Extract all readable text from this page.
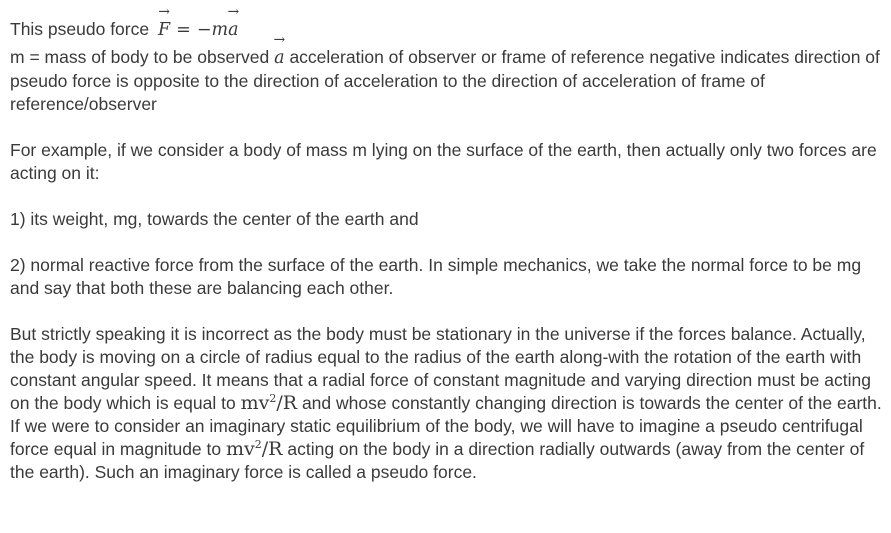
This pseudo force → F = −m→ a

m = mass of body to be observed → a acceleration of observer or frame of reference negative indicates direction of pseudo force is opposite to the direction of acceleration to the direction of acceleration of frame of reference/observer

For example, if we consider a body of mass m lying on the surface of the earth, then actually only two forces are acting on it:

1) its weight, mg, towards the center of the earth and

2) normal reactive force from the surface of the earth. In simple mechanics, we take the normal force to be mg and say that both these are balancing each other.

But strictly speaking it is incorrect as the body must be stationary in the universe if the forces balance. Actually, the body is moving on a circle of radius equal to the radius of the earth along-with the rotation of the earth with constant angular speed. It means that a radial force of constant magnitude and varying direction must be acting on the body which is equal to $mv^2/R$ and whose constantly changing direction is towards the center of the earth. If we were to consider an imaginary static equilibrium of the body, we will have to imagine a pseudo centrifugal force equal in magnitude to $mv^2/R$ acting on the body in a direction radially outwards (away from the center of the earth). Such an imaginary force is called a pseudo force.
